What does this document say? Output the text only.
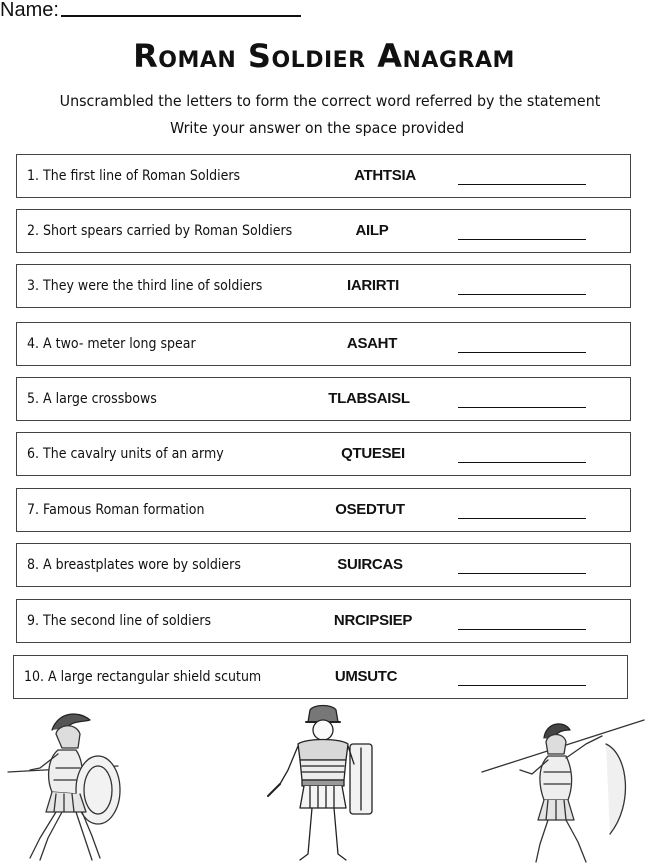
Name:
Roman Soldier Anagram
Unscrambled the letters to form the correct word referred by the statement
Write your answer on the space provided
1. The first line of Roman Soldiers	ATHTSIA
2. Short spears carried by Roman Soldiers	AILP
3. They were the third line of soldiers	IARIRTI
4. A two- meter long spear	ASAHT
5. A large crossbows	TLABSAISL
6. The cavalry units of an army	QTUESEI
7. Famous Roman formation	OSEDTUT
8. A breastplates wore by soldiers	SUIRCAS
9. The second line of soldiers	NRCIPSIEP
10. A large rectangular shield scutum	UMSUTC
